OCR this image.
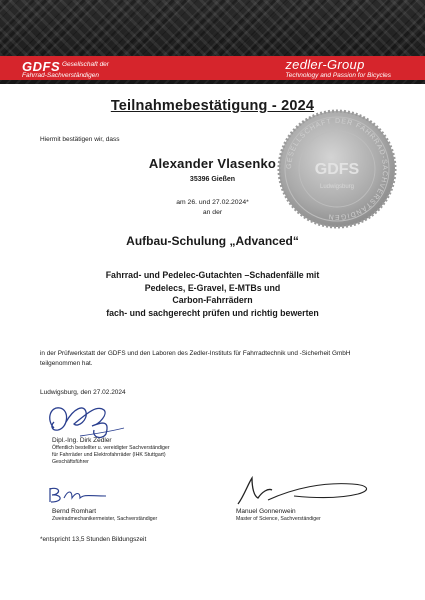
GDFS Gesellschaft der
Fahrrad-Sachverständigen
zedler-Group
Technology and Passion for Bicycles
Teilnahmebestätigung - 2024
GESELLSCHAFT DER FAHRRAD-SACHVERSTÄNDIGEN
GDFS
Ludwigsburg
Hiermit bestätigen wir, dass
Alexander Vlasenko
35396 Gießen
am 26. und 27.02.2024*
an der
Aufbau-Schulung „Advanced“
Fahrrad- und Pedelec-Gutachten –Schadenfälle mit
Pedelecs, E-Gravel, E-MTBs und
Carbon-Fahrrädern
fach- und sachgerecht prüfen und richtig bewerten
in der Prüfwerkstatt der GDFS und den Laboren des Zedler-Instituts für Fahrradtechnik und -Sicherheit GmbH teilgenommen hat.
Ludwigsburg, den 27.02.2024
Dipl.-Ing. Dirk Zedler
Öffentlich bestellter u. vereidigter Sachverständiger
für Fahrräder und Elektrofahrräder (IHK Stuttgart)
Geschäftsführer
Bernd Romhart
Zweiradmechanikermeister, Sachverständiger
Manuel Gonnenwein
Master of Science, Sachverständiger
*entspricht 13,5 Stunden Bildungszeit
